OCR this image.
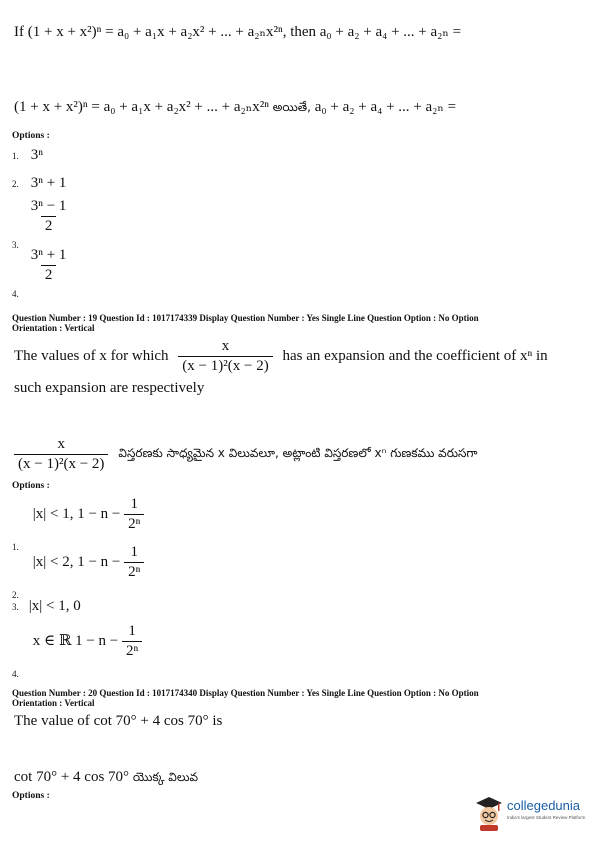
If (1 + x + x²)ⁿ = a₀ + a₁x + a₂x² + ... + a₂ₙx²ⁿ, then a₀ + a₂ + a₄ + ... + a₂ₙ =
(1 + x + x²)ⁿ = a₀ + a₁x + a₂x² + ... + a₂ₙx²ⁿ అయితే, a₀ + a₂ + a₄ + ... + a₂ₙ =
Options :
1. 3ⁿ
2. 3ⁿ + 1
$_{3.}$
$\frac{\text{3ⁿ − 1}}{2}$
$_{4.}$
$\frac{\text{3ⁿ + 1}}{2}$
Question Number : 19 Question Id : 1017174339 Display Question Number : Yes Single Line Question Option : No Option
Orientation : Vertical
The values of x for which $\frac{x}{\text{(x − 1)²(x − 2)}}$ has an expansion and the coefficient of xⁿ in
such expansion are respectively
$\frac{x}{\text{(x − 1)²(x − 2)}}$ విస్తరణకు సాధ్యమైన x విలువలూ, అట్లాంటి విస్తరణలో xⁿ గుణకము వరుసగా
Options :
$_{1.}$ |x| < 1, $1 - n - \frac{1}{\text{2ⁿ}}$
$_{2.}$ |x| < 2, $1 - n - \frac{1}{\text{2ⁿ}}$
3. |x| < 1, 0
$_{4.}$ x ∈ ℝ $1 - n - \frac{1}{\text{2ⁿ}}$
Question Number : 20 Question Id : 1017174340 Display Question Number : Yes Single Line Question Option : No Option
Orientation : Vertical
The value of cot 70° + 4 cos 70° is
cot 70° + 4 cos 70° యొక్క విలువ
Options :
collegedunia
India's largest Student Review Platform
